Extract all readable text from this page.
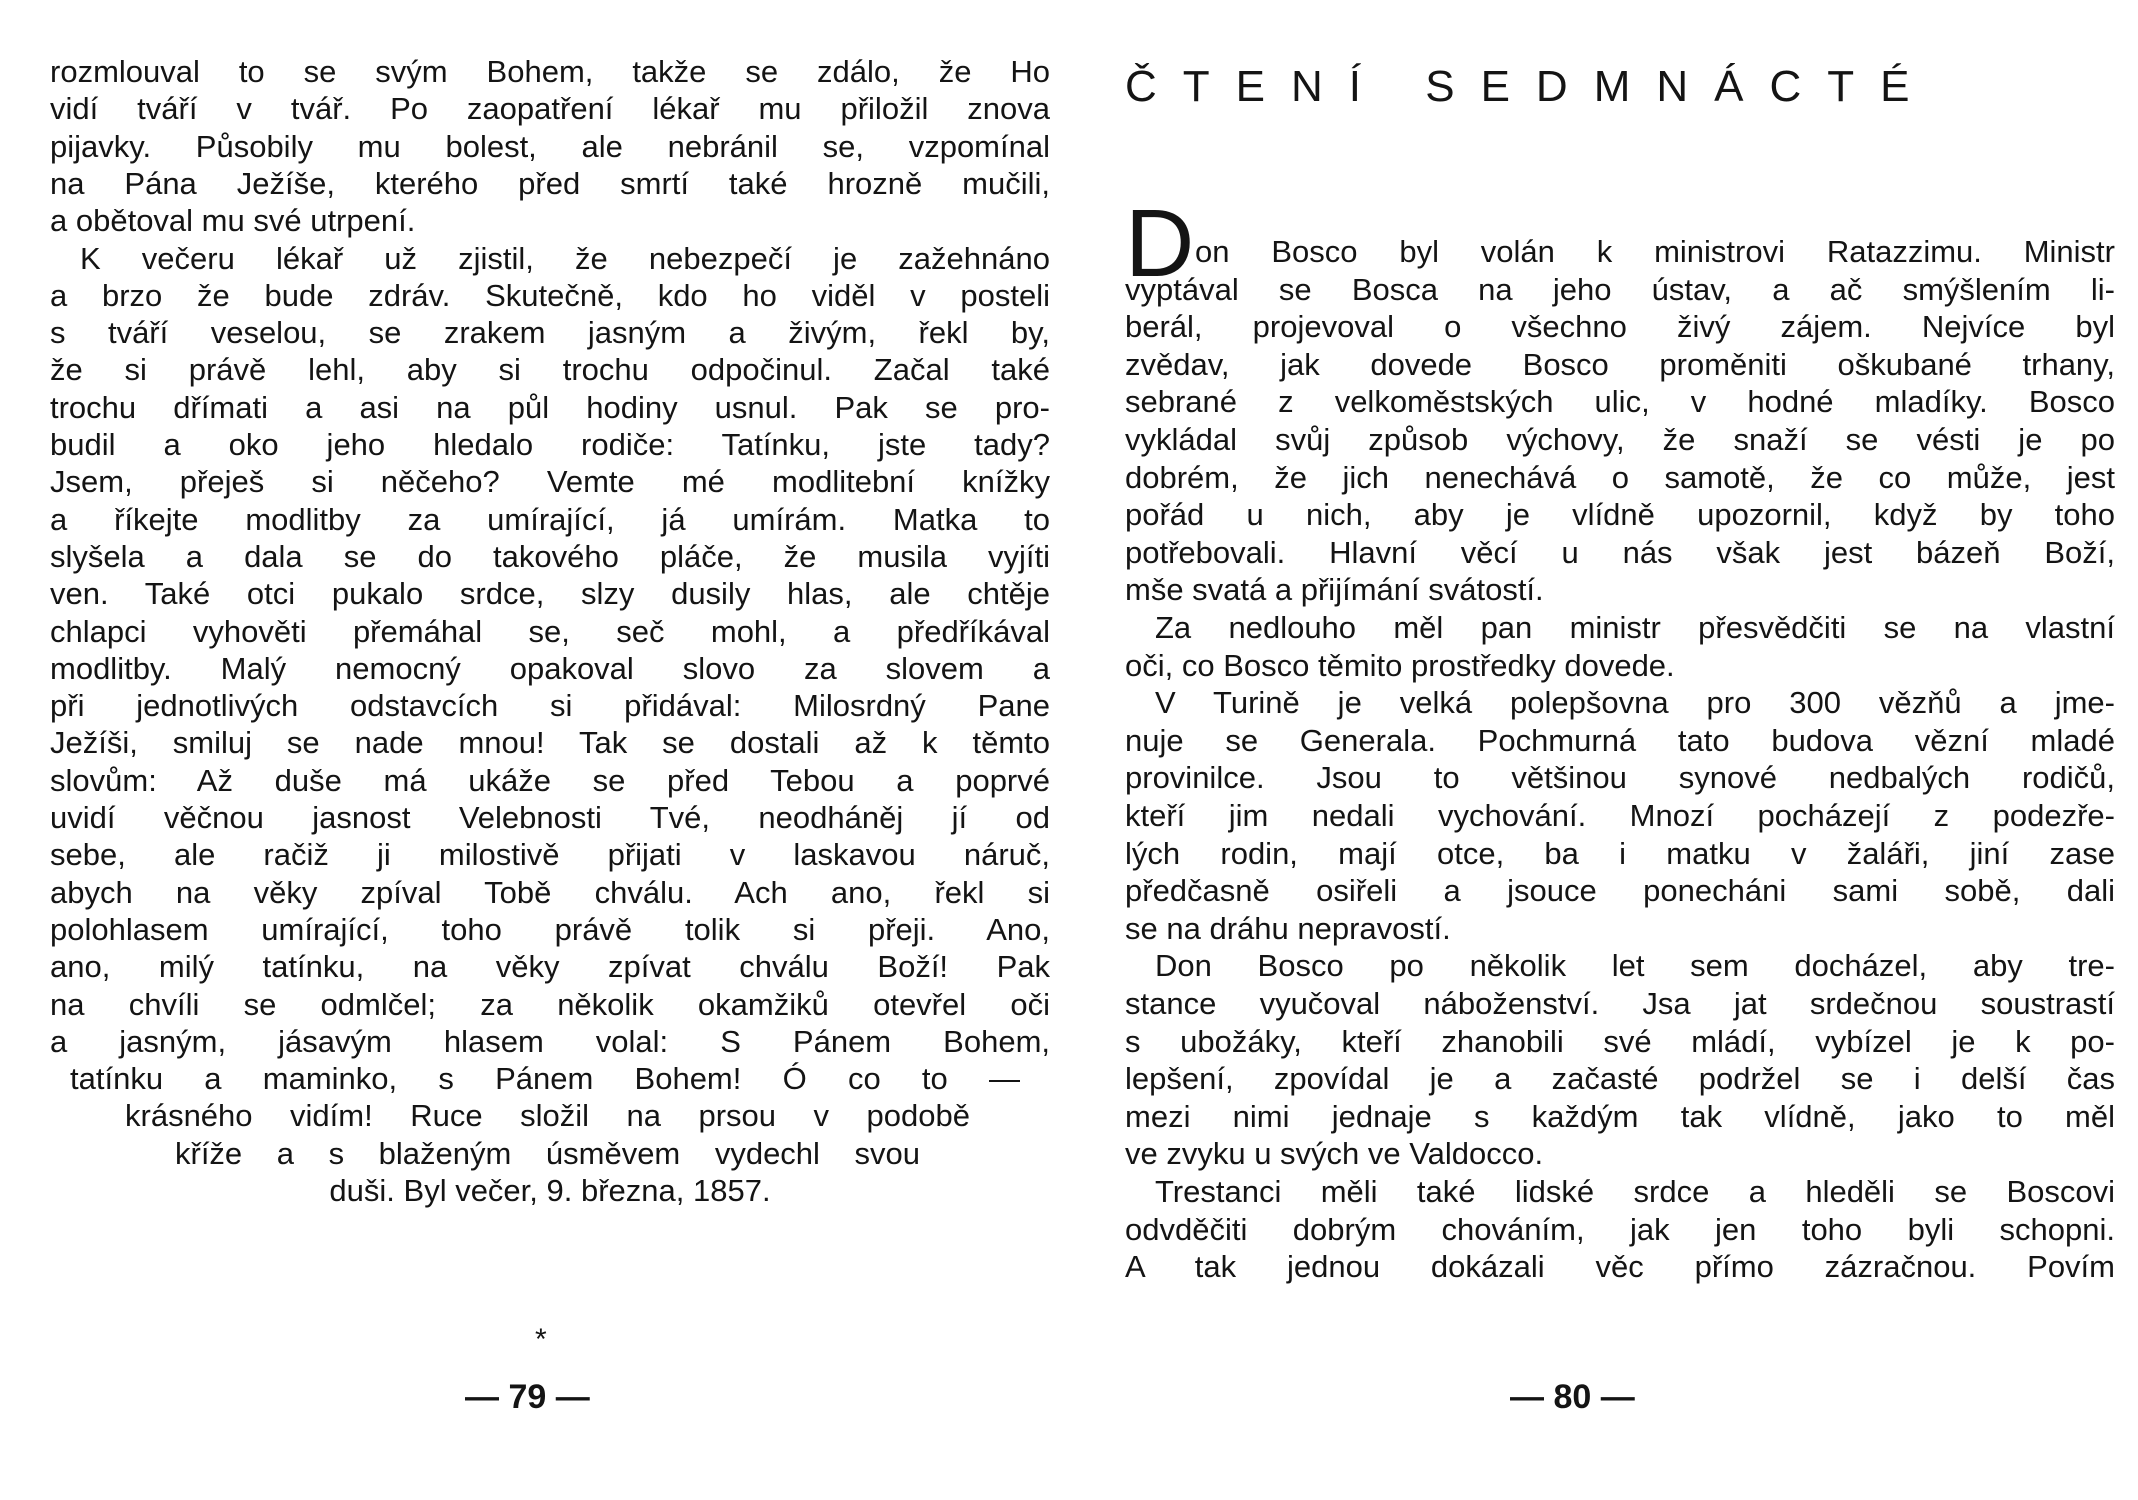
rozmlouval to se svým Bohem, takže se zdálo, že Ho
vidí tváří v tvář. Po zaopatření lékař mu přiložil znova
pijavky. Působily mu bolest, ale nebránil se, vzpomínal
na Pána Ježíše, kterého před smrtí také hrozně mučili,
a obětoval mu své utrpení.
K večeru lékař už zjistil, že nebezpečí je zažehnáno
a brzo že bude zdráv. Skutečně, kdo ho viděl v posteli
s tváří veselou, se zrakem jasným a živým, řekl by,
že si právě lehl, aby si trochu odpočinul. Začal také
trochu dřímati a asi na půl hodiny usnul. Pak se pro-
budil a oko jeho hledalo rodiče: Tatínku, jste tady?
Jsem, přeješ si něčeho? Vemte mé modlitební knížky
a říkejte modlitby za umírající, já umírám. Matka to
slyšela a dala se do takového pláče, že musila vyjíti
ven. Také otci pukalo srdce, slzy dusily hlas, ale chtěje
chlapci vyhověti přemáhal se, seč mohl, a předříkával
modlitby. Malý nemocný opakoval slovo za slovem a
při jednotlivých odstavcích si přidával: Milosrdný Pane
Ježíši, smiluj se nade mnou! Tak se dostali až k těmto
slovům: Až duše má ukáže se před Tebou a poprvé
uvidí věčnou jasnost Velebnosti Tvé, neodháněj jí od
sebe, ale račiž ji milostivě přijati v laskavou náruč,
abych na věky zpíval Tobě chválu. Ach ano, řekl si
polohlasem umírající, toho právě tolik si přeji. Ano,
ano, milý tatínku, na věky zpívat chválu Boží! Pak
na chvíli se odmlčel; za několik okamžiků otevřel oči
a jasným, jásavým hlasem volal: S Pánem Bohem,
tatínku a maminko, s Pánem Bohem! Ó co to —
krásného vidím! Ruce složil na prsou v podobě
kříže a s blaženým úsměvem vydechl svou
duši. Byl večer, 9. března, 1857.
*
— 79 —
ČTENÍ SEDMNÁCTÉ
D on Bosco byl volán k ministrovi Ratazzimu. Ministr
vyptával se Bosca na jeho ústav, a ač smýšlením li-
berál, projevoval o všechno živý zájem. Nejvíce byl
zvědav, jak dovede Bosco proměniti oškubané trhany,
sebrané z velkoměstských ulic, v hodné mladíky. Bosco
vykládal svůj způsob výchovy, že snaží se vésti je po
dobrém, že jich nenechává o samotě, že co může, jest
pořád u nich, aby je vlídně upozornil, když by toho
potřebovali. Hlavní věcí u nás však jest bázeň Boží,
mše svatá a přijímání svátostí.
Za nedlouho měl pan ministr přesvědčiti se na vlastní
oči, co Bosco těmito prostředky dovede.
V Turině je velká polepšovna pro 300 vězňů a jme-
nuje se Generala. Pochmurná tato budova vězní mladé
provinilce. Jsou to většinou synové nedbalých rodičů,
kteří jim nedali vychování. Mnozí pocházejí z podezře-
lých rodin, mají otce, ba i matku v žaláři, jiní zase
předčasně osiřeli a jsouce ponecháni sami sobě, dali
se na dráhu nepravostí.
Don Bosco po několik let sem docházel, aby tre-
stance vyučoval náboženství. Jsa jat srdečnou soustrastí
s ubožáky, kteří zhanobili své mládí, vybízel je k po-
lepšení, zpovídal je a začasté podržel se i delší čas
mezi nimi jednaje s každým tak vlídně, jako to měl
ve zvyku u svých ve Valdocco.
Trestanci měli také lidské srdce a hleděli se Boscovi
odvděčiti dobrým chováním, jak jen toho byli schopni.
A tak jednou dokázali věc přímo zázračnou. Povím
— 80 —
